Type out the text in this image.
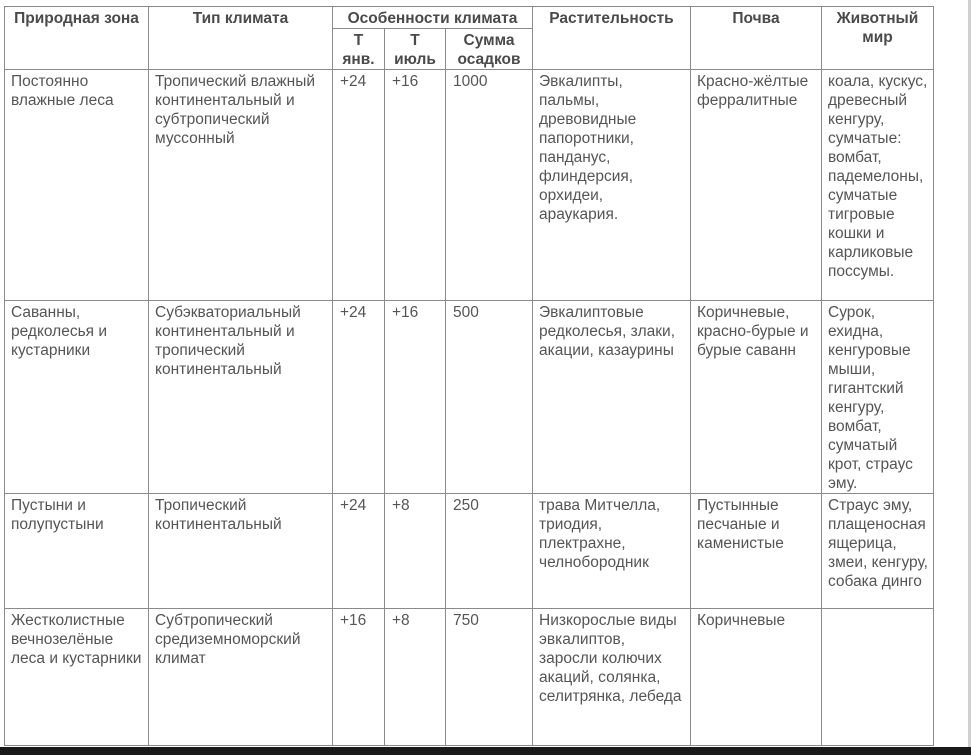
Природная зона	Тип климата	Особенности климата			Растительность	Почва	Животный мир
		Т янв.	Т июль	Сумма осадков			
Постоянно влажные леса	Тропический влажный континентальный и субтропический муссонный	+24	+16	1000	Эвкалипты, пальмы, древовидные папоротники, панданус, флиндерсия, орхидеи, араукария.	Красно-жёлтые ферралитные	коала, кускус, древесный кенгуру, сумчатые: вомбат, падемелоны, сумчатые тигровые кошки и карликовые поссумы.
Саванны, редколесья и кустарники	Субэкваториальный континентальный и тропический континентальный	+24	+16	500	Эвкалиптовые редколесья, злаки, акации, казаурины	Коричневые, красно-бурые и бурые саванн	Сурок, ехидна, кенгуровые мыши, гигантский кенгуру, вомбат, сумчатый крот, страус эму.
Пустыни и полупустыни	Тропический континентальный	+24	+8	250	трава Митчелла, триодия, плектрахне, челнобородник	Пустынные песчаные и каменистые	Страус эму, плащеносная ящерица, змеи, кенгуру, собака динго
Жестколистные вечнозелёные леса и кустарники	Субтропический средиземноморский климат	+16	+8	750	Низкорослые виды эвкалиптов, заросли колючих акаций, солянка, селитрянка, лебеда	Коричневые	
